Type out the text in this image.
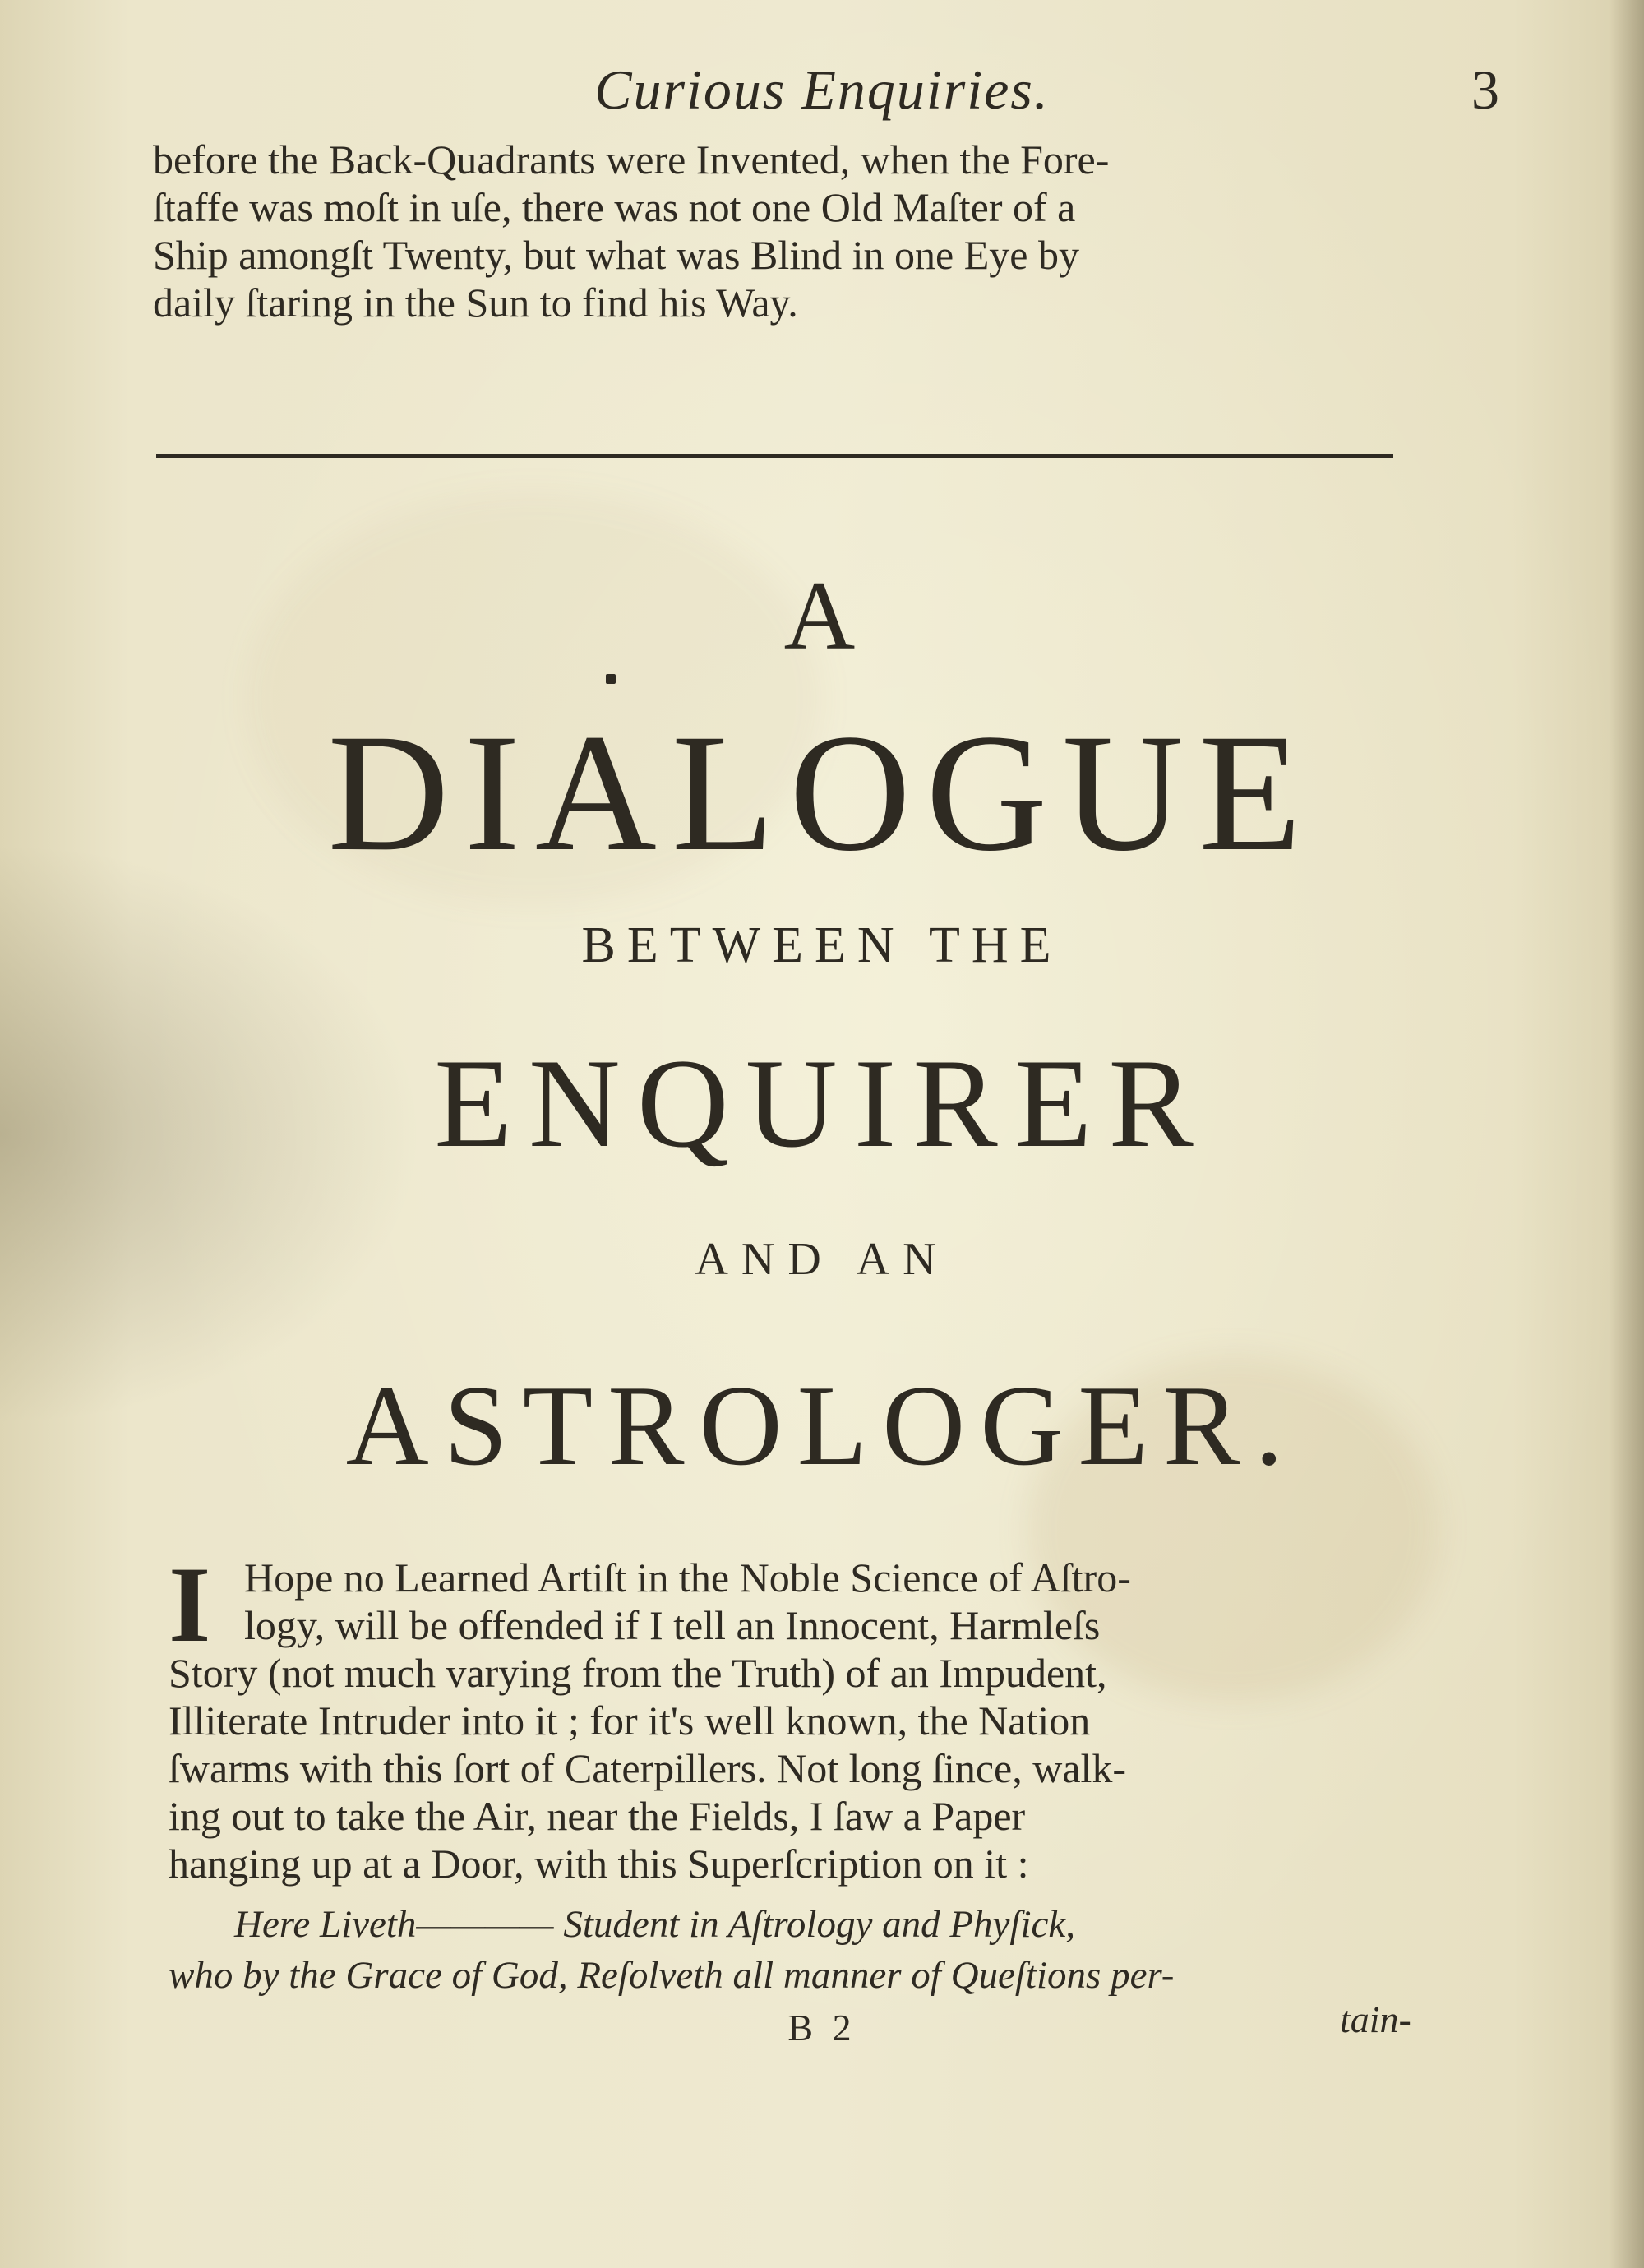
Curious Enquiries.	3
before the Back-Quadrants were Invented, when the Fore-
ſtaffe was moſt in uſe, there was not one Old Maſter of a
Ship amongſt Twenty, but what was Blind in one Eye by
daily ſtaring in the Sun to find his Way.
A
DIALOGUE
BETWEEN THE
ENQUIRER
AND AN
ASTROLOGER.
I Hope no Learned Artiſt in the Noble Science of Aſtro-
logy, will be offended if I tell an Innocent, Harmleſs
Story (not much varying from the Truth) of an Impudent,
Illiterate Intruder into it ; for it's well known, the Nation
ſwarms with this ſort of Caterpillers. Not long ſince, walk-
ing out to take the Air, near the Fields, I ſaw a Paper
hanging up at a Door, with this Superſcription on it :
Here Liveth———— Student in Aſtrology and Phyſick,
who by the Grace of God, Reſolveth all manner of Queſtions per-
B 2	tain-
